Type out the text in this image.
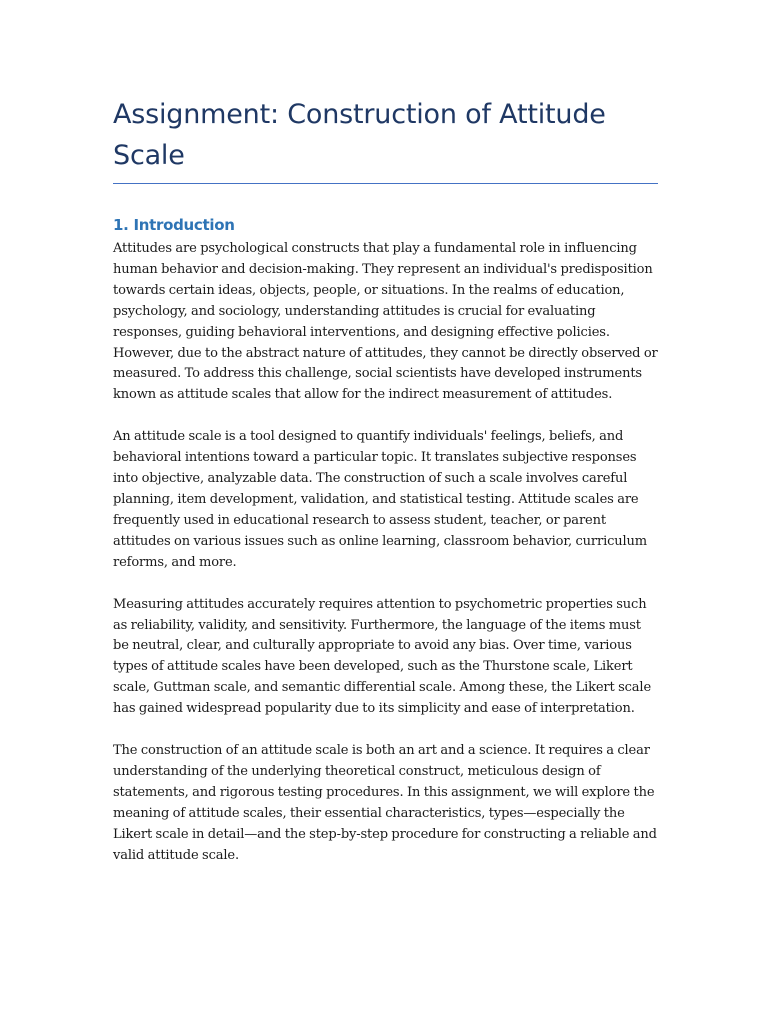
Assignment: Construction of Attitude Scale
1. Introduction

Attitudes are psychological constructs that play a fundamental role in influencing human behavior and decision-making. They represent an individual's predisposition towards certain ideas, objects, people, or situations. In the realms of education, psychology, and sociology, understanding attitudes is crucial for evaluating responses, guiding behavioral interventions, and designing effective policies. However, due to the abstract nature of attitudes, they cannot be directly observed or measured. To address this challenge, social scientists have developed instruments known as attitude scales that allow for the indirect measurement of attitudes.

An attitude scale is a tool designed to quantify individuals' feelings, beliefs, and behavioral intentions toward a particular topic. It translates subjective responses into objective, analyzable data. The construction of such a scale involves careful planning, item development, validation, and statistical testing. Attitude scales are frequently used in educational research to assess student, teacher, or parent attitudes on various issues such as online learning, classroom behavior, curriculum reforms, and more.

Measuring attitudes accurately requires attention to psychometric properties such as reliability, validity, and sensitivity. Furthermore, the language of the items must be neutral, clear, and culturally appropriate to avoid any bias. Over time, various types of attitude scales have been developed, such as the Thurstone scale, Likert scale, Guttman scale, and semantic differential scale. Among these, the Likert scale has gained widespread popularity due to its simplicity and ease of interpretation.

The construction of an attitude scale is both an art and a science. It requires a clear understanding of the underlying theoretical construct, meticulous design of statements, and rigorous testing procedures. In this assignment, we will explore the meaning of attitude scales, their essential characteristics, types—especially the Likert scale in detail—and the step-by-step procedure for constructing a reliable and valid attitude scale.
